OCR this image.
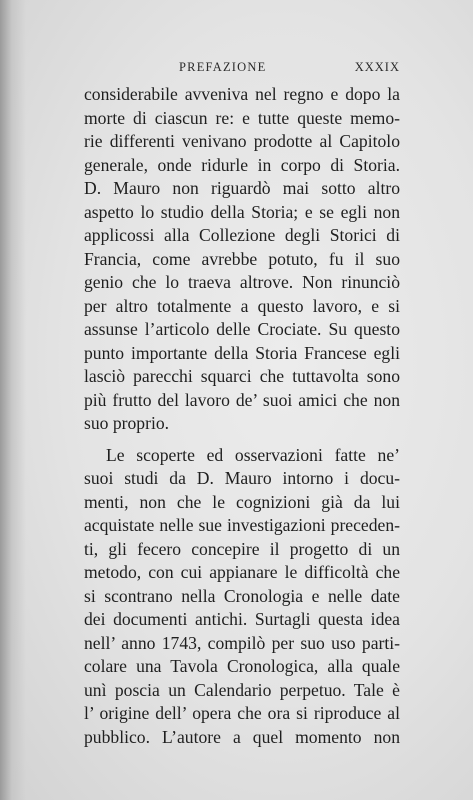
PREFAZIONE	XXXIX
considerabile avveniva nel regno e dopo la
morte di ciascun re: e tutte queste memo-
rie differenti venivano prodotte al Capitolo
generale, onde ridurle in corpo di Storia.
D. Mauro non riguardò mai sotto altro
aspetto lo studio della Storia; e se egli non
applicossi alla Collezione degli Storici di
Francia, come avrebbe potuto, fu il suo
genio che lo traeva altrove. Non rinunciò
per altro totalmente a questo lavoro, e si
assunse l’articolo delle Crociate. Su questo
punto importante della Storia Francese egli
lasciò parecchi squarci che tuttavolta sono
più frutto del lavoro de’ suoi amici che non
suo proprio.
Le scoperte ed osservazioni fatte ne’
suoi studi da D. Mauro intorno i docu-
menti, non che le cognizioni già da lui
acquistate nelle sue investigazioni preceden-
ti, gli fecero concepire il progetto di un
metodo, con cui appianare le difficoltà che
si scontrano nella Cronologia e nelle date
dei documenti antichi. Surtagli questa idea
nell’ anno 1743, compilò per suo uso parti-
colare una Tavola Cronologica, alla quale
unì poscia un Calendario perpetuo. Tale è
l’ origine dell’ opera che ora si riproduce al
pubblico. L’autore a quel momento non
